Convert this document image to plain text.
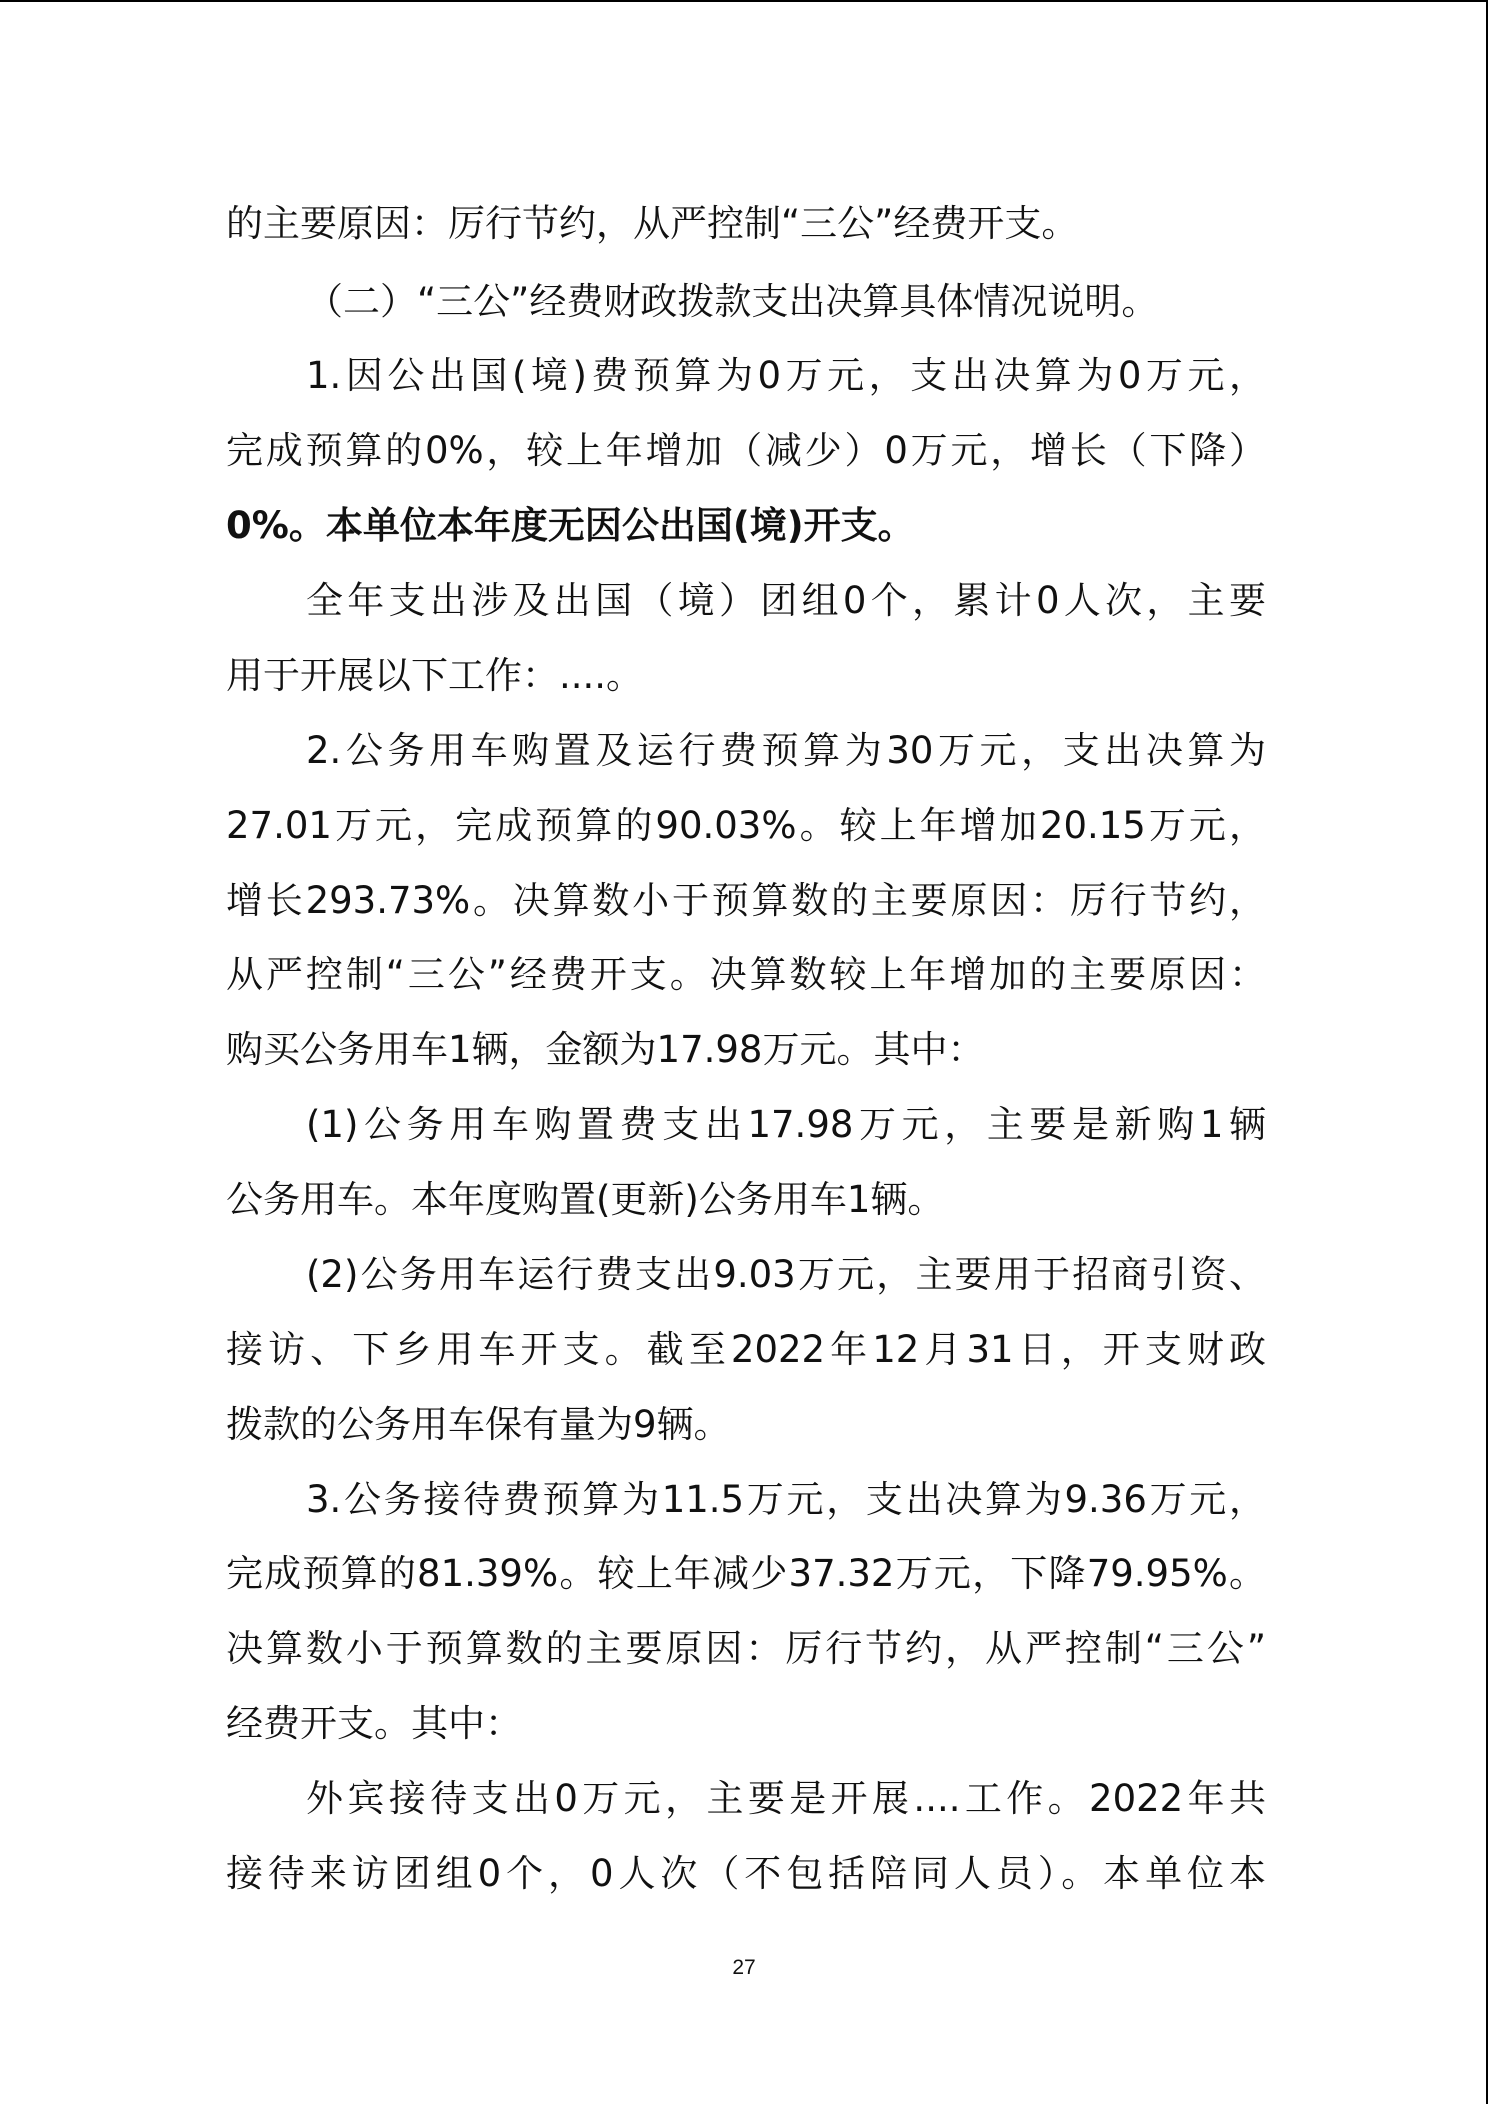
的主要原因：厉行节约，从严控制“三公”经费开支。
（二）“三公”经费财政拨款支出决算具体情况说明。
1.因公出国(境)费预算为0万元，支出决算为0万元，
完成预算的0%，较上年增加（减少）0万元，增长（下降）
0%。本单位本年度无因公出国(境)开支。
全年支出涉及出国（境）团组0个，累计0人次，主要
用于开展以下工作：....。
2.公务用车购置及运行费预算为30万元，支出决算为
27.01万元，完成预算的90.03%。较上年增加20.15万元，
增长293.73%。决算数小于预算数的主要原因：厉行节约，
从严控制“三公”经费开支。决算数较上年增加的主要原因：
购买公务用车1辆，金额为17.98万元。其中：
(1)公务用车购置费支出17.98万元，主要是新购1辆
公务用车。本年度购置(更新)公务用车1辆。
(2)公务用车运行费支出9.03万元，主要用于招商引资、
接访、下乡用车开支。截至2022年12月31日，开支财政
拨款的公务用车保有量为9辆。
3.公务接待费预算为11.5万元，支出决算为9.36万元，
完成预算的81.39%。较上年减少37.32万元，下降79.95%。
决算数小于预算数的主要原因：厉行节约，从严控制“三公”
经费开支。其中：
外宾接待支出0万元，主要是开展....工作。2022年共
接待来访团组0个，0人次（不包括陪同人员）。本单位本
27
